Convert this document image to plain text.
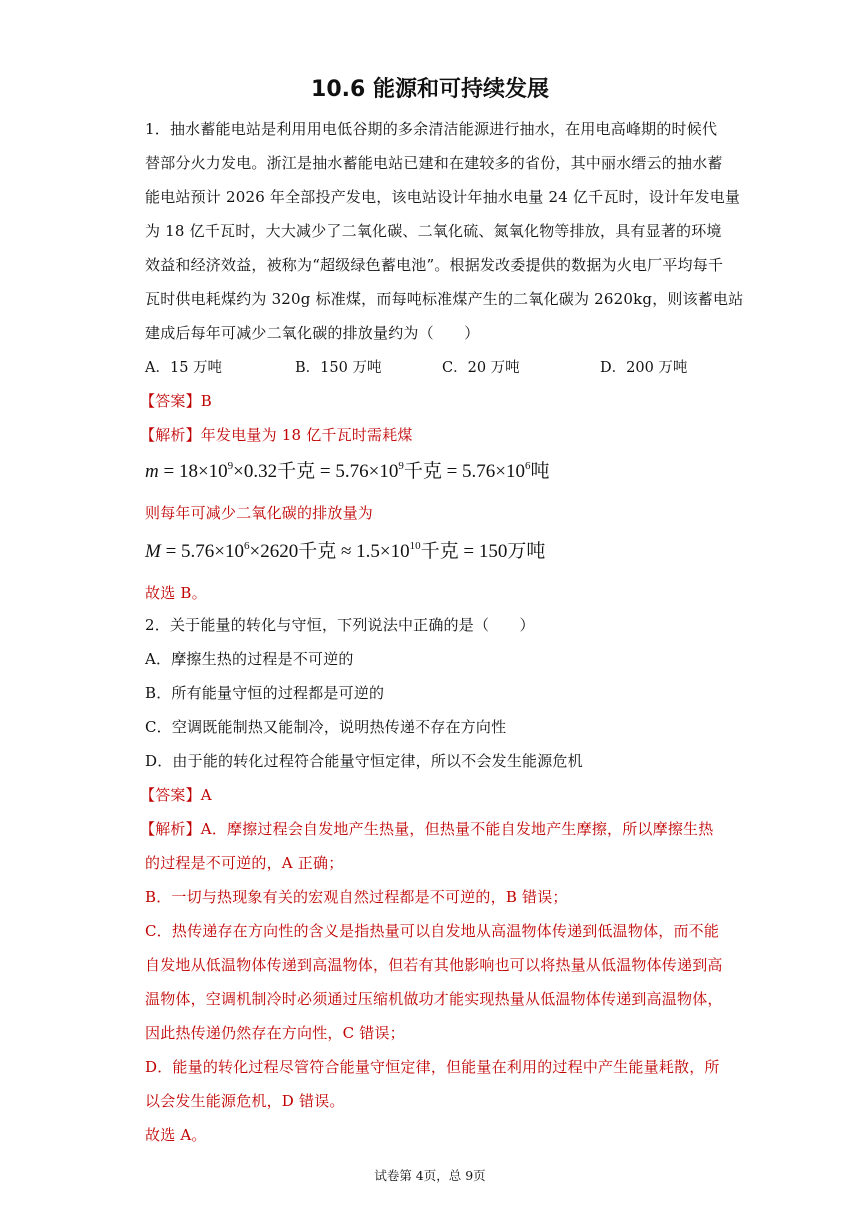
10.6 能源和可持续发展
1．抽水蓄能电站是利用用电低谷期的多余清洁能源进行抽水，在用电高峰期的时候代
替部分火力发电。浙江是抽水蓄能电站已建和在建较多的省份，其中丽水缙云的抽水蓄
能电站预计 2026 年全部投产发电，该电站设计年抽水电量 24 亿千瓦时，设计年发电量
为 18 亿千瓦时，大大减少了二氧化碳、二氧化硫、氮氧化物等排放，具有显著的环境
效益和经济效益，被称为“超级绿色蓄电池”。根据发改委提供的数据为火电厂平均每千
瓦时供电耗煤约为 320g 标准煤，而每吨标准煤产生的二氧化碳为 2620kg，则该蓄电站
建成后每年可减少二氧化碳的排放量约为（　　）
A．15 万吨	B．150 万吨	C．20 万吨	D．200 万吨
【答案】B
【解析】年发电量为 18 亿千瓦时需耗煤
$m = 18\times 10^9\times 0.32$千克 = $5.76\times 10^9$千克 = $5.76\times 10^6$吨
则每年可减少二氧化碳的排放量为
$M = 5.76\times 10^6\times 2620$千克 ≈ $1.5\times 10^{10}$千克 = 150万吨
故选 B。
2．关于能量的转化与守恒，下列说法中正确的是（　　）
A．摩擦生热的过程是不可逆的
B．所有能量守恒的过程都是可逆的
C．空调既能制热又能制冷，说明热传递不存在方向性
D．由于能的转化过程符合能量守恒定律，所以不会发生能源危机
【答案】A
【解析】A．摩擦过程会自发地产生热量，但热量不能自发地产生摩擦，所以摩擦生热
的过程是不可逆的，A 正确；
B．一切与热现象有关的宏观自然过程都是不可逆的，B 错误；
C．热传递存在方向性的含义是指热量可以自发地从高温物体传递到低温物体，而不能
自发地从低温物体传递到高温物体，但若有其他影响也可以将热量从低温物体传递到高
温物体，空调机制冷时必须通过压缩机做功才能实现热量从低温物体传递到高温物体，
因此热传递仍然存在方向性，C 错误；
D．能量的转化过程尽管符合能量守恒定律，但能量在利用的过程中产生能量耗散，所
以会发生能源危机，D 错误。
故选 A。
试卷第 4页，总 9页
